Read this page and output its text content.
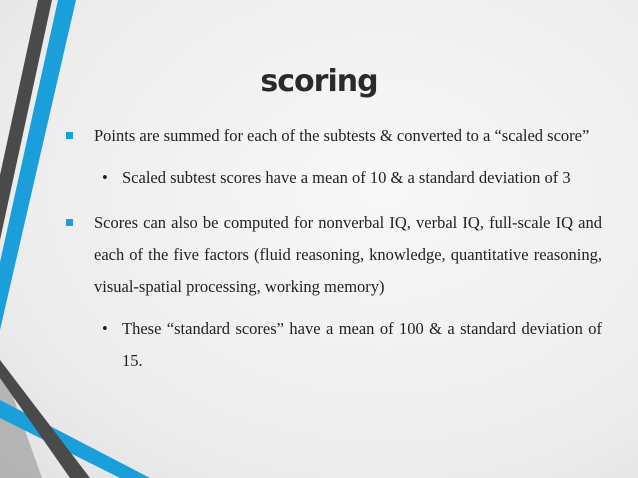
scoring

Points are summed for each of the subtests & converted to a “scaled score”

• Scaled subtest scores have a mean of 10 & a standard deviation of 3

Scores can also be computed for nonverbal IQ, verbal IQ, full-scale IQ and each of the five factors (fluid reasoning, knowledge, quantitative reasoning, visual-spatial processing, working memory)

• These “standard scores” have a mean of 100 & a standard deviation of 15.
